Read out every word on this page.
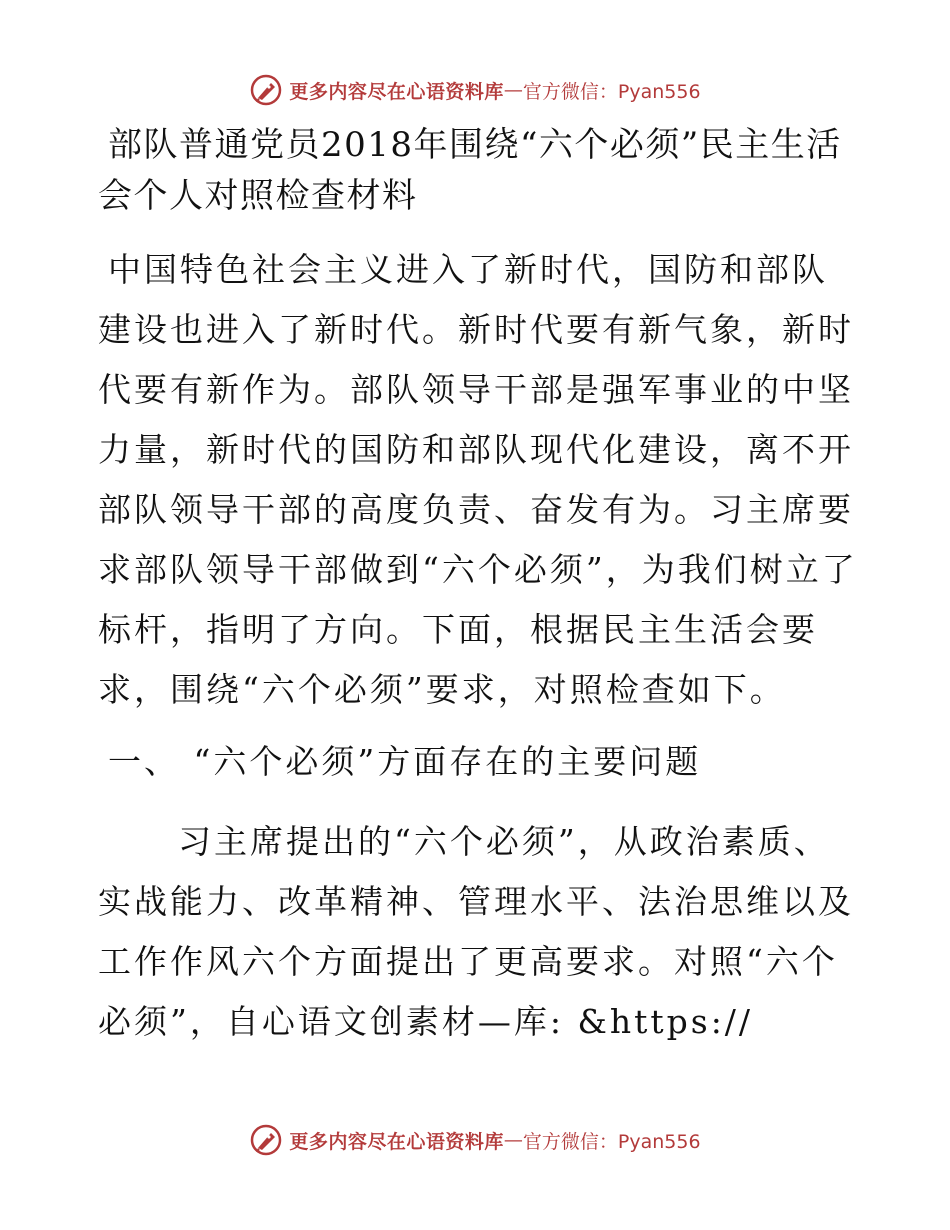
更多内容尽在心语资料库 — 官方微信：Pyan556
部队普通党员2018年围绕“六个必须”民主生活会个人对照检查材料

中国特色社会主义进入了新时代，国防和部队建设也进入了新时代。新时代要有新气象，新时代要有新作为。部队领导干部是强军事业的中坚力量，新时代的国防和部队现代化建设，离不开部队领导干部的高度负责、奋发有为。习主席要求部队领导干部做到“六个必须”，为我们树立了标杆，指明了方向。下面，根据民主生活会要求，围绕“六个必须”要求，对照检查如下。

一、 “六个必须”方面存在的主要问题

习主席提出的“六个必须”，从政治素质、实战能力、改革精神、管理水平、法治思维以及工作作风六个方面提出了更高要求。对照“六个必须”，自心语文创素材—库: &https://

更多内容尽在心语资料库 — 官方微信：Pyan556
